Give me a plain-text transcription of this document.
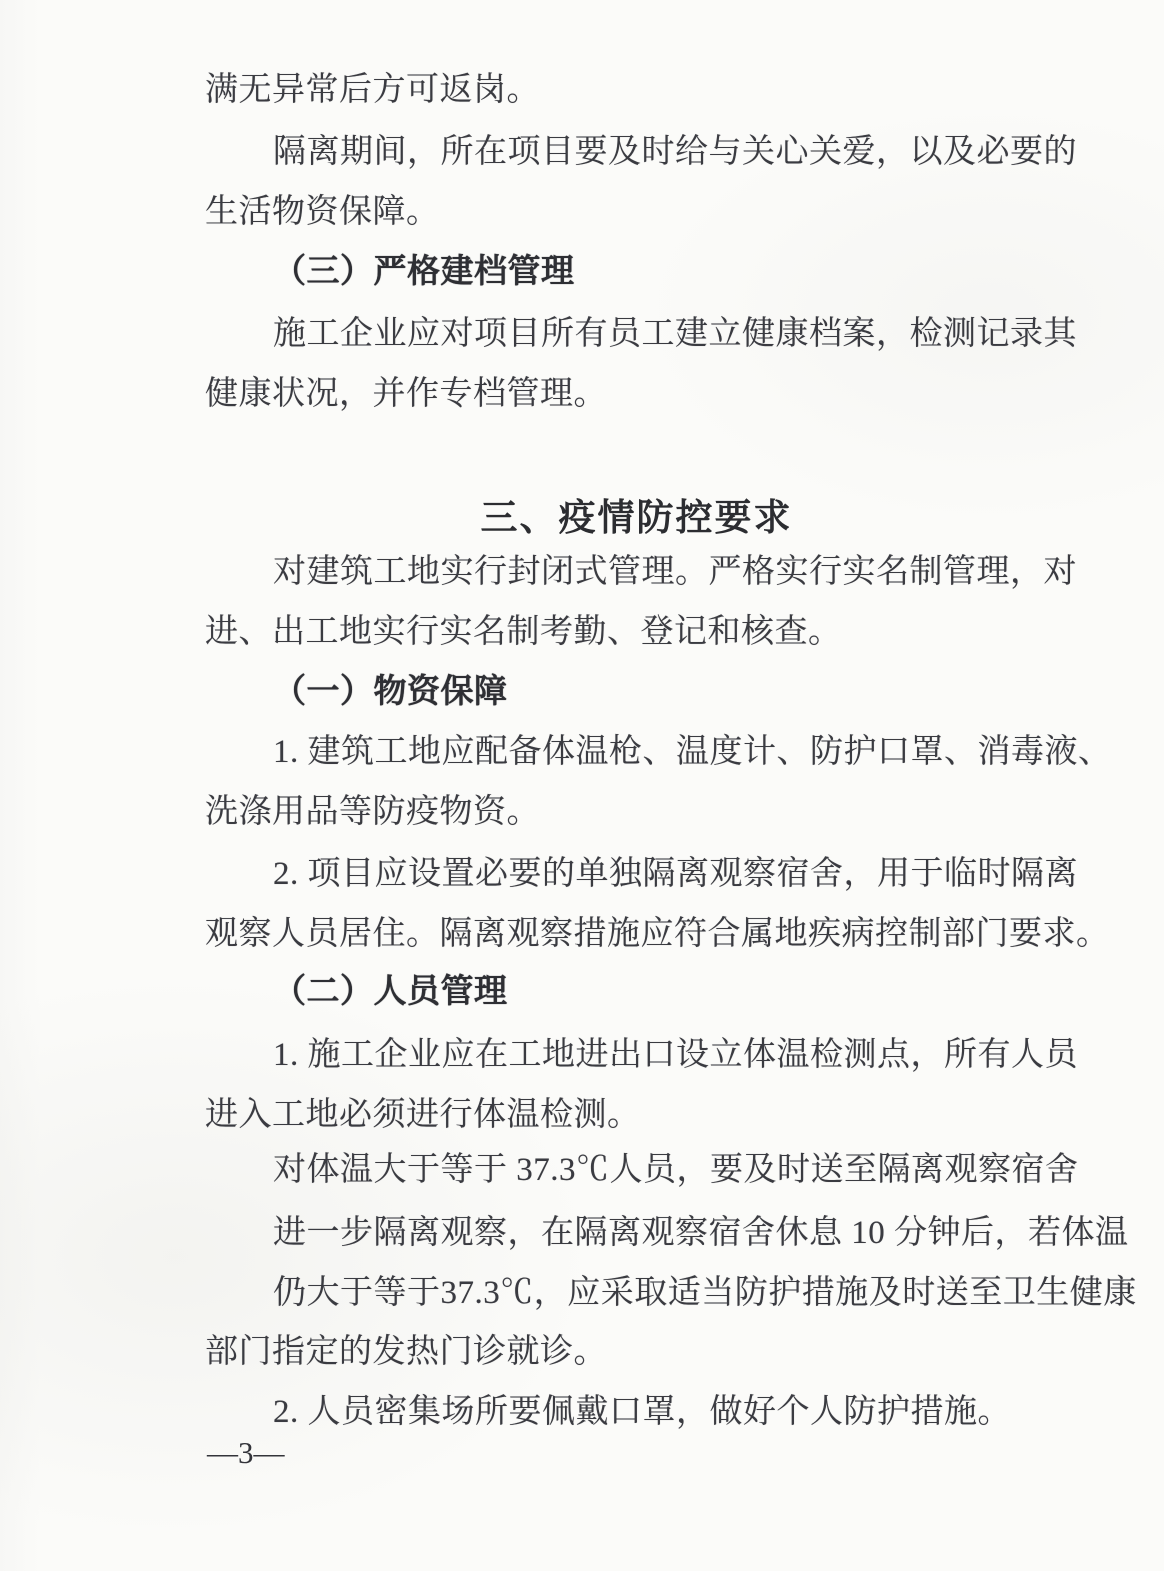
满无异常后方可返岗。
隔离期间，所在项目要及时给与关心关爱，以及必要的
生活物资保障。
（三）严格建档管理
施工企业应对项目所有员工建立健康档案，检测记录其
健康状况，并作专档管理。
三、疫情防控要求
对建筑工地实行封闭式管理。严格实行实名制管理，对
进、出工地实行实名制考勤、登记和核查。
（一）物资保障
1. 建筑工地应配备体温枪、温度计、防护口罩、消毒液、
洗涤用品等防疫物资。
2. 项目应设置必要的单独隔离观察宿舍，用于临时隔离
观察人员居住。隔离观察措施应符合属地疾病控制部门要求。
（二）人员管理
1. 施工企业应在工地进出口设立体温检测点，所有人员
进入工地必须进行体温检测。
对体温大于等于 37.3℃人员，要及时送至隔离观察宿舍
进一步隔离观察，在隔离观察宿舍休息 10 分钟后，若体温
仍大于等于37.3℃，应采取适当防护措施及时送至卫生健康
部门指定的发热门诊就诊。
2. 人员密集场所要佩戴口罩，做好个人防护措施。
—3—
